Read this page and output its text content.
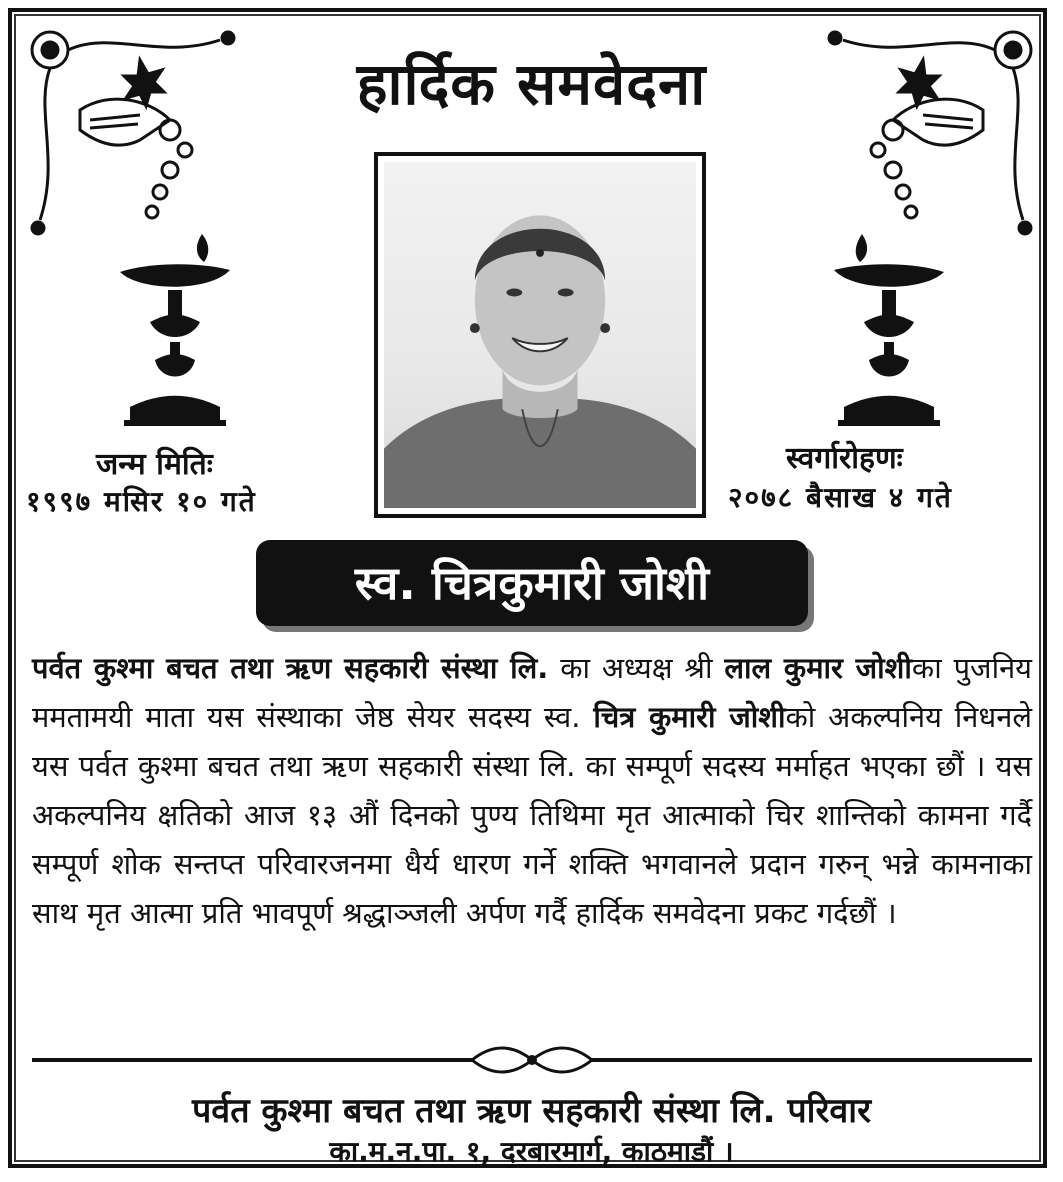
हार्दिक समवेदना
जन्म मितिः
१९९७ मसिर १० गते
स्वर्गारोहणः
२०७८ बैसाख ४ गते
स्व. चित्रकुमारी जोशी
पर्वत कुश्मा बचत तथा ऋण सहकारी संस्था लि. का अध्यक्ष श्री लाल कुमार जोशीका पुजनिय ममतामयी माता यस संस्थाका जेष्ठ सेयर सदस्य स्व. चित्र कुमारी जोशीको अकल्पनिय निधनले यस पर्वत कुश्मा बचत तथा ऋण सहकारी संस्था लि. का सम्पूर्ण सदस्य मर्माहत भएका छौं । यस अकल्पनिय क्षतिको आज १३ औं दिनको पुण्य तिथिमा मृत आत्माको चिर शान्तिको कामना गर्दै सम्पूर्ण शोक सन्तप्त परिवारजनमा धैर्य धारण गर्ने शक्ति भगवानले प्रदान गरुन् भन्ने कामनाका साथ मृत आत्मा प्रति भावपूर्ण श्रद्धाञ्जली अर्पण गर्दै हार्दिक समवेदना प्रकट गर्दछौं ।
पर्वत कुश्मा बचत तथा ऋण सहकारी संस्था लि. परिवार
का.म.न.पा. १, दरबारमार्ग, काठमाडौं ।
